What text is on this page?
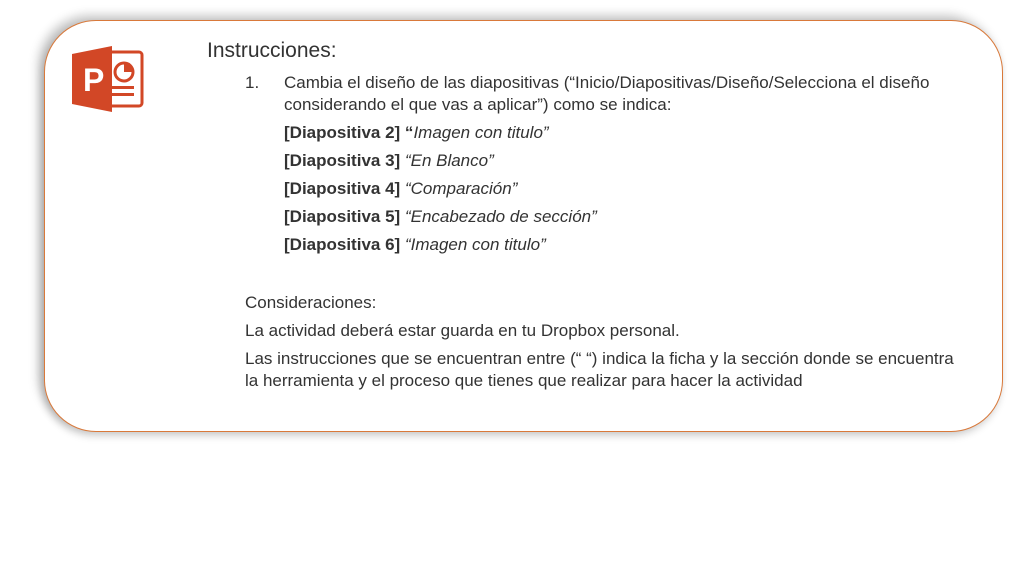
P
Instrucciones:
1.	Cambia el diseño de las diapositivas (“Inicio/Diapositivas/Diseño/Selecciona el diseño considerando el que vas a aplicar”) como se indica:
[Diapositiva 2] “Imagen con titulo”
[Diapositiva 3] “En Blanco”
[Diapositiva 4] “Comparación”
[Diapositiva 5] “Encabezado de sección”
[Diapositiva 6] “Imagen con titulo”
Consideraciones:
La actividad deberá estar guarda en tu Dropbox personal.
Las instrucciones que se encuentran entre (“ “) indica la ficha y la sección donde se encuentra la herramienta y el proceso que tienes que realizar para hacer la actividad
